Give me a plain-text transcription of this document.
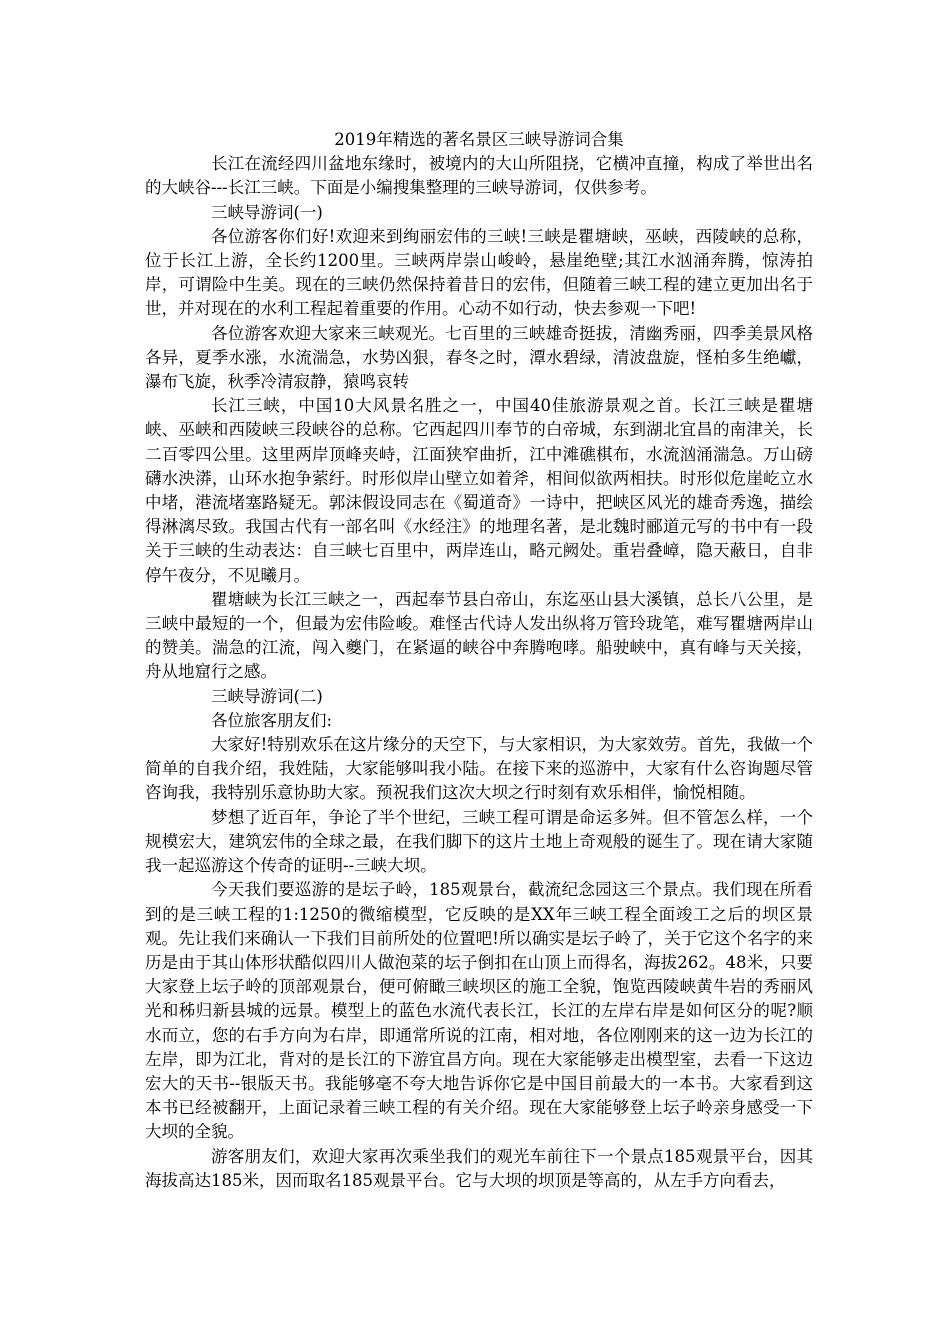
2019年精选的著名景区三峡导游词合集

长江在流经四川盆地东缘时，被境内的大山所阻挠，它横冲直撞，构成了举世出名的大峡谷---长江三峡。下面是小编搜集整理的三峡导游词，仅供参考。

三峡导游词(一)

各位游客你们好!欢迎来到绚丽宏伟的三峡!三峡是瞿塘峡，巫峡，西陵峡的总称，位于长江上游，全长约1200里。三峡两岸崇山峻岭，悬崖绝壁;其江水汹涌奔腾，惊涛拍岸，可谓险中生美。现在的三峡仍然保持着昔日的宏伟，但随着三峡工程的建立更加出名于世，并对现在的水利工程起着重要的作用。心动不如行动，快去参观一下吧!

各位游客欢迎大家来三峡观光。七百里的三峡雄奇挺拔，清幽秀丽，四季美景风格各异，夏季水涨，水流湍急，水势凶狠，春冬之时，潭水碧绿，清波盘旋，怪柏多生绝巘，瀑布飞旋，秋季冷清寂静，猿鸣哀转

长江三峡，中国10大风景名胜之一，中国40佳旅游景观之首。长江三峡是瞿塘峡、巫峡和西陵峡三段峡谷的总称。它西起四川奉节的白帝城，东到湖北宜昌的南津关，长二百零四公里。这里两岸顶峰夹峙，江面狭窄曲折，江中滩礁棋布，水流汹涌湍急。万山磅礴水泱漭，山环水抱争萦纡。时形似岸山壁立如着斧，相间似欲两相扶。时形似危崖屹立水中堵，港流堵塞路疑无。郭沫假设同志在《蜀道奇》一诗中，把峡区风光的雄奇秀逸，描绘得淋漓尽致。我国古代有一部名叫《水经注》的地理名著，是北魏时郦道元写的书中有一段关于三峡的生动表达：自三峡七百里中，两岸连山，略元阙处。重岩叠嶂，隐天蔽日，自非停午夜分，不见曦月。

瞿塘峡为长江三峡之一，西起奉节县白帝山，东迄巫山县大溪镇，总长八公里，是三峡中最短的一个，但最为宏伟险峻。难怪古代诗人发出纵将万管玲珑笔，难写瞿塘两岸山的赞美。湍急的江流，闯入夔门，在紧逼的峡谷中奔腾咆哮。船驶峡中，真有峰与天关接，舟从地窟行之感。

三峡导游词(二)

各位旅客朋友们:

大家好!特别欢乐在这片缘分的天空下，与大家相识，为大家效劳。首先，我做一个简单的自我介绍，我姓陆，大家能够叫我小陆。在接下来的巡游中，大家有什么咨询题尽管咨询我，我特别乐意协助大家。预祝我们这次大坝之行时刻有欢乐相伴，愉悦相随。

梦想了近百年，争论了半个世纪，三峡工程可谓是命运多舛。但不管怎么样，一个规模宏大，建筑宏伟的全球之最，在我们脚下的这片土地上奇观般的诞生了。现在请大家随我一起巡游这个传奇的证明--三峡大坝。

今天我们要巡游的是坛子岭，185观景台，截流纪念园这三个景点。我们现在所看到的是三峡工程的1:1250的微缩模型，它反映的是XX年三峡工程全面竣工之后的坝区景观。先让我们来确认一下我们目前所处的位置吧!所以确实是坛子岭了，关于它这个名字的来历是由于其山体形状酷似四川人做泡菜的坛子倒扣在山顶上而得名，海拔262。48米，只要大家登上坛子岭的顶部观景台，便可俯瞰三峡坝区的施工全貌，饱览西陵峡黄牛岩的秀丽风光和秭归新县城的远景。模型上的蓝色水流代表长江，长江的左岸右岸是如何区分的呢?顺水而立，您的右手方向为右岸，即通常所说的江南，相对地，各位刚刚来的这一边为长江的左岸，即为江北，背对的是长江的下游宜昌方向。现在大家能够走出模型室，去看一下这边宏大的天书--银版天书。我能够毫不夸大地告诉你它是中国目前最大的一本书。大家看到这本书已经被翻开，上面记录着三峡工程的有关介绍。现在大家能够登上坛子岭亲身感受一下大坝的全貌。

游客朋友们，欢迎大家再次乘坐我们的观光车前往下一个景点185观景平台，因其海拔高达185米，因而取名185观景平台。它与大坝的坝顶是等高的，从左手方向看去，
